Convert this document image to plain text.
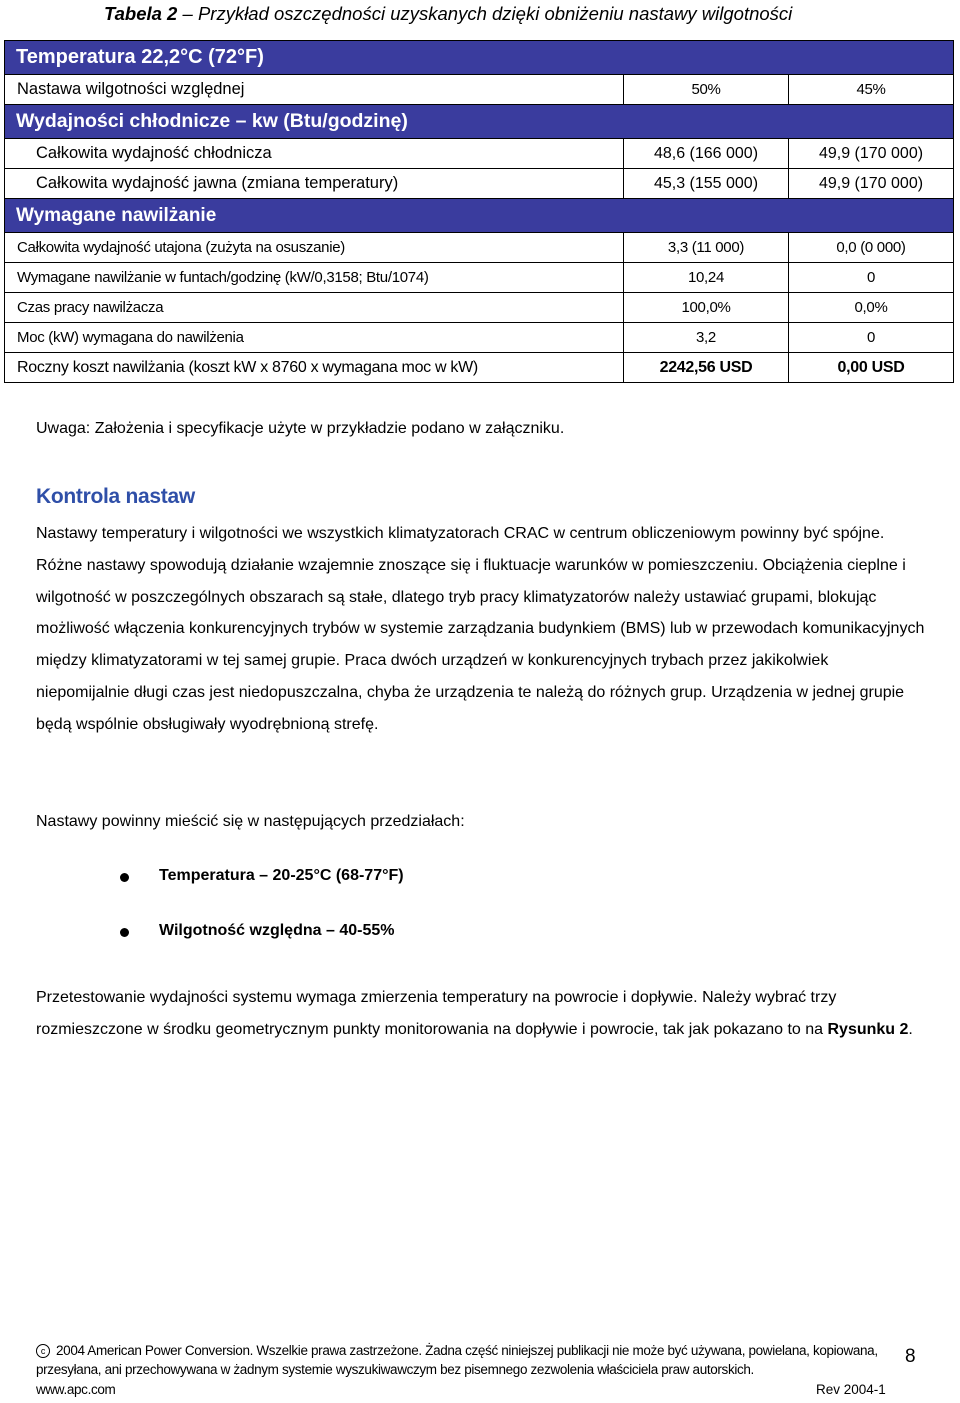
Tabela 2 – Przykład oszczędności uzyskanych dzięki obniżeniu nastawy wilgotności
Temperatura 22,2°C (72°F)		
Nastawa wilgotności względnej	50%	45%
Wydajności chłodnicze – kw (Btu/godzinę)		
Całkowita wydajność chłodnicza	48,6 (166 000)	49,9 (170 000)
Całkowita wydajność jawna (zmiana temperatury)	45,3 (155 000)	49,9 (170 000)
Wymagane nawilżanie		
Całkowita wydajność utajona (zużyta na osuszanie)	3,3 (11 000)	0,0 (0 000)
Wymagane nawilżanie w funtach/godzinę (kW/0,3158; Btu/1074)	10,24	0
Czas pracy nawilżacza	100,0%	0,0%
Moc (kW) wymagana do nawilżenia	3,2	0
Roczny koszt nawilżania (koszt kW x 8760 x wymagana moc w kW)	2242,56 USD	0,00 USD
Uwaga: Założenia i specyfikacje użyte w przykładzie podano w załączniku.
Kontrola nastaw
Nastawy temperatury i wilgotności we wszystkich klimatyzatorach CRAC w centrum obliczeniowym powinny być spójne. Różne nastawy spowodują działanie wzajemnie znoszące się i fluktuacje warunków w pomieszczeniu. Obciążenia cieplne i wilgotność w poszczególnych obszarach są stałe, dlatego tryb pracy klimatyzatorów należy ustawiać grupami, blokując możliwość włączenia konkurencyjnych trybów w systemie zarządzania budynkiem (BMS) lub w przewodach komunikacyjnych między klimatyzatorami w tej samej grupie. Praca dwóch urządzeń w konkurencyjnych trybach przez jakikolwiek niepomijalnie długi czas jest niedopuszczalna, chyba że urządzenia te należą do różnych grup. Urządzenia w jednej grupie będą wspólnie obsługiwały wyodrębnioną strefę.
Nastawy powinny mieścić się w następujących przedziałach:
Temperatura – 20-25°C (68-77°F)
Wilgotność względna – 40-55%
Przetestowanie wydajności systemu wymaga zmierzenia temperatury na powrocie i dopływie. Należy wybrać trzy rozmieszczone w środku geometrycznym punkty monitorowania na dopływie i powrocie, tak jak pokazano to na Rysunku 2.
c 2004 American Power Conversion. Wszelkie prawa zastrzeżone. Żadna część niniejszej publikacji nie może być używana, powielana, kopiowana,
przesyłana, ani przechowywana w żadnym systemie wyszukiwawczym bez pisemnego zezwolenia właściciela praw autorskich.
www.apc.com	Rev 2004-1
8
